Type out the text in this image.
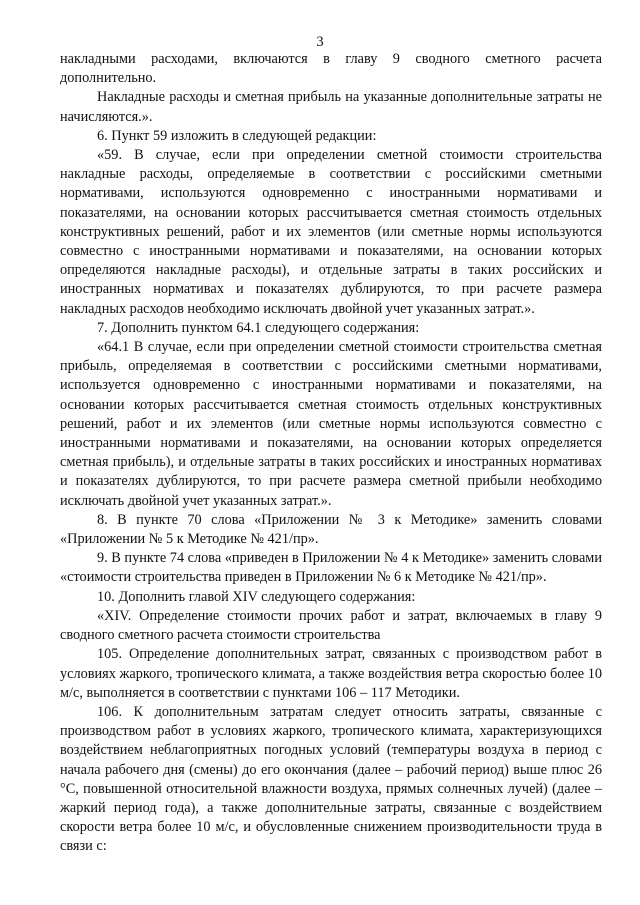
3

накладными расходами, включаются в главу 9 сводного сметного расчета дополнительно.

Накладные расходы и сметная прибыль на указанные дополнительные затраты не начисляются.».

6. Пункт 59 изложить в следующей редакции:

«59. В случае, если при определении сметной стоимости строительства накладные расходы, определяемые в соответствии с российскими сметными нормативами, используются одновременно с иностранными нормативами и показателями, на основании которых рассчитывается сметная стоимость отдельных конструктивных решений, работ и их элементов (или сметные нормы используются совместно с иностранными нормативами и показателями, на основании которых определяются накладные расходы), и отдельные затраты в таких российских и иностранных нормативах и показателях дублируются, то при расчете размера накладных расходов необходимо исключать двойной учет указанных затрат.».

7. Дополнить пунктом 64.1 следующего содержания:

«64.1 В случае, если при определении сметной стоимости строительства сметная прибыль, определяемая в соответствии с российскими сметными нормативами, используется одновременно с иностранными нормативами и показателями, на основании которых рассчитывается сметная стоимость отдельных конструктивных решений, работ и их элементов (или сметные нормы используются совместно с иностранными нормативами и показателями, на основании которых определяется сметная прибыль), и отдельные затраты в таких российских и иностранных нормативах и показателях дублируются, то при расчете размера сметной прибыли необходимо исключать двойной учет указанных затрат.».

8. В пункте 70 слова «Приложении № 3 к Методике» заменить словами «Приложении № 5 к Методике № 421/пр».

9. В пункте 74 слова «приведен в Приложении № 4 к Методике» заменить словами «стоимости строительства приведен в Приложении № 6 к Методике № 421/пр».

10. Дополнить главой XIV следующего содержания:

«XIV. Определение стоимости прочих работ и затрат, включаемых в главу 9 сводного сметного расчета стоимости строительства

105. Определение дополнительных затрат, связанных с производством работ в условиях жаркого, тропического климата, а также воздействия ветра скоростью более 10 м/с, выполняется в соответствии с пунктами 106 – 117 Методики.

106. К дополнительным затратам следует относить затраты, связанные с производством работ в условиях жаркого, тропического климата, характеризующихся воздействием неблагоприятных погодных условий (температуры воздуха в период с начала рабочего дня (смены) до его окончания (далее – рабочий период) выше плюс 26 °С, повышенной относительной влажности воздуха, прямых солнечных лучей) (далее – жаркий период года), а также дополнительные затраты, связанные с воздействием скорости ветра более 10 м/с, и обусловленные снижением производительности труда в связи с:
